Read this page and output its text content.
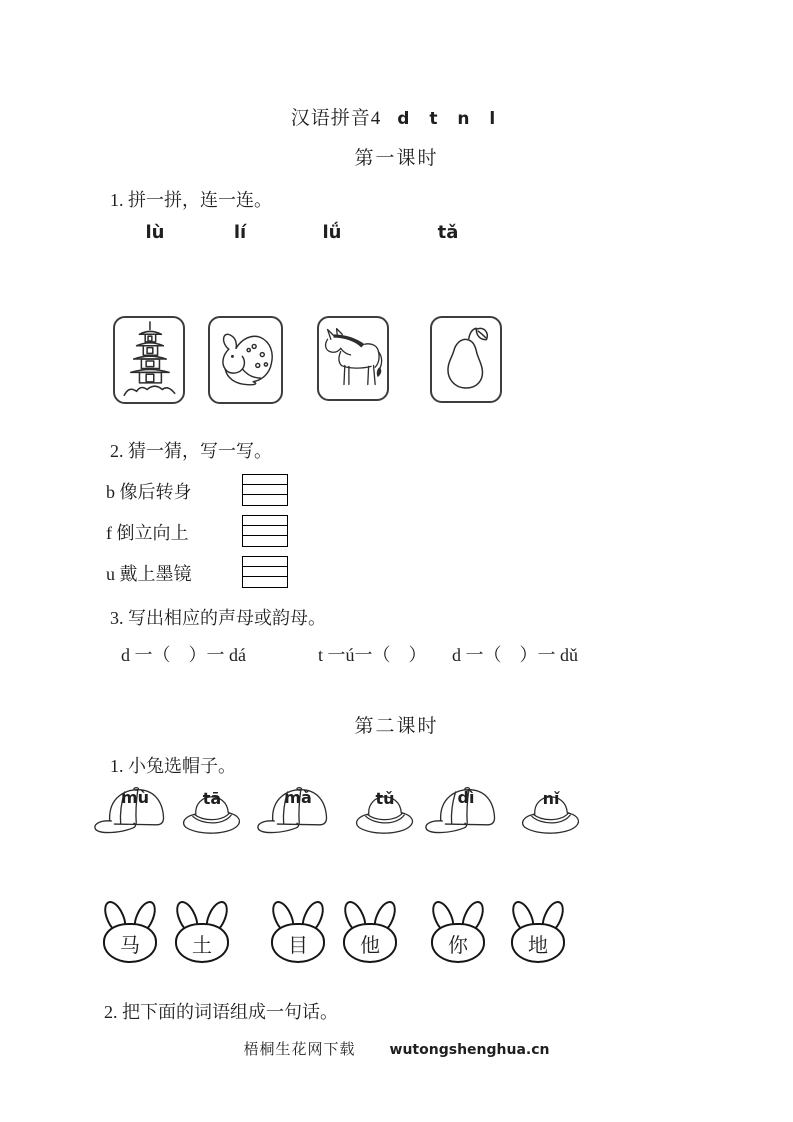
汉语拼音4 d t n l
第一课时
1. 拼一拼，连一连。
lù	lí	lǘ	tǎ
2. 猜一猜，写一写。
b 像后转身
f 倒立向上
u 戴上墨镜
3. 写出相应的声母或韵母。
d 一（　）一 dá	t 一ú一（　） d 一（　）一 dǔ
第二课时
1. 小兔选帽子。
mù	tā	mǎ	tǔ	dì	nǐ
马	土	目	他	你	地
2. 把下面的词语组成一句话。
梧桐生花网下载 wutongshenghua.cn
